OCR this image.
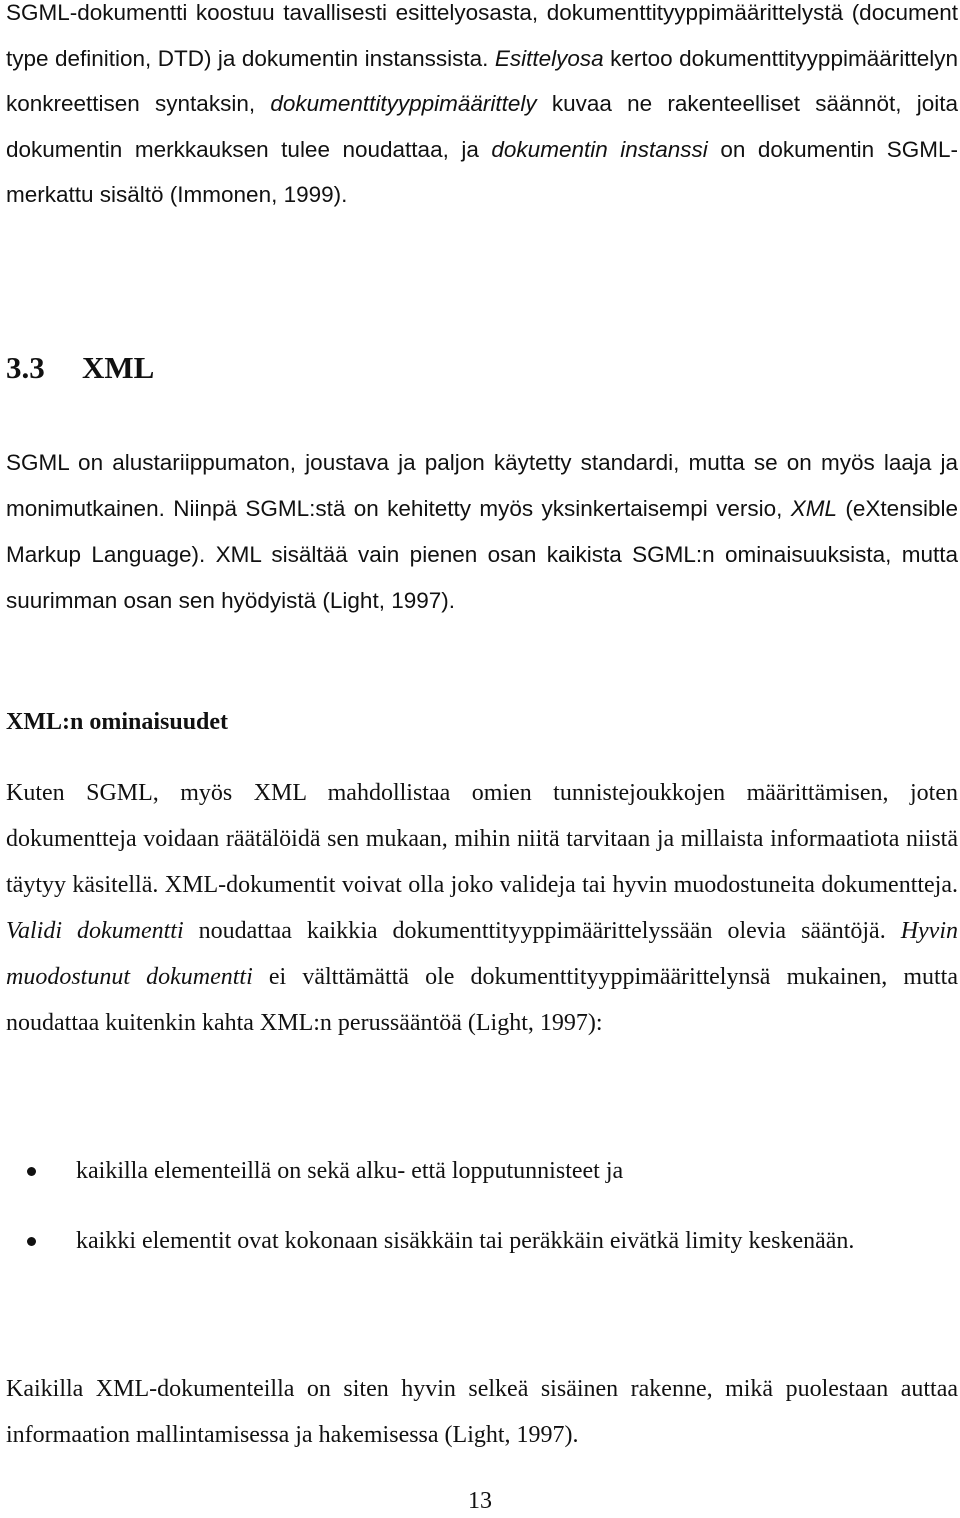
SGML-dokumentti koostuu tavallisesti esittelyosasta, dokumenttityyppimäärittelystä (document type definition, DTD) ja dokumentin instanssista. Esittelyosa kertoo dokumenttityyppimäärittelyn konkreettisen syntaksin, dokumenttityyppimäärittely kuvaa ne rakenteelliset säännöt, joita dokumentin merkkauksen tulee noudattaa, ja dokumentin instanssi on dokumentin SGML-merkattu sisältö (Immonen, 1999).

3.3 XML

SGML on alustariippumaton, joustava ja paljon käytetty standardi, mutta se on myös laaja ja monimutkainen. Niinpä SGML:stä on kehitetty myös yksinkertaisempi versio, XML (eXtensible Markup Language). XML sisältää vain pienen osan kaikista SGML:n ominaisuuksista, mutta suurimman osan sen hyödyistä (Light, 1997).

XML:n ominaisuudet

Kuten SGML, myös XML mahdollistaa omien tunnistejoukkojen määrittämisen, joten dokumentteja voidaan räätälöidä sen mukaan, mihin niitä tarvitaan ja millaista informaatiota niistä täytyy käsitellä. XML-dokumentit voivat olla joko valideja tai hyvin muodostuneita dokumentteja. Validi dokumentti noudattaa kaikkia dokumenttityyppimäärittelyssään olevia sääntöjä. Hyvin muodostunut dokumentti ei välttämättä ole dokumenttityyppimäärittelynsä mukainen, mutta noudattaa kuitenkin kahta XML:n perussääntöä (Light, 1997):

kaikilla elementeillä on sekä alku- että lopputunnisteet ja
kaikki elementit ovat kokonaan sisäkkäin tai peräkkäin eivätkä limity keskenään.

Kaikilla XML-dokumenteilla on siten hyvin selkeä sisäinen rakenne, mikä puolestaan auttaa informaation mallintamisessa ja hakemisessa (Light, 1997).

13
